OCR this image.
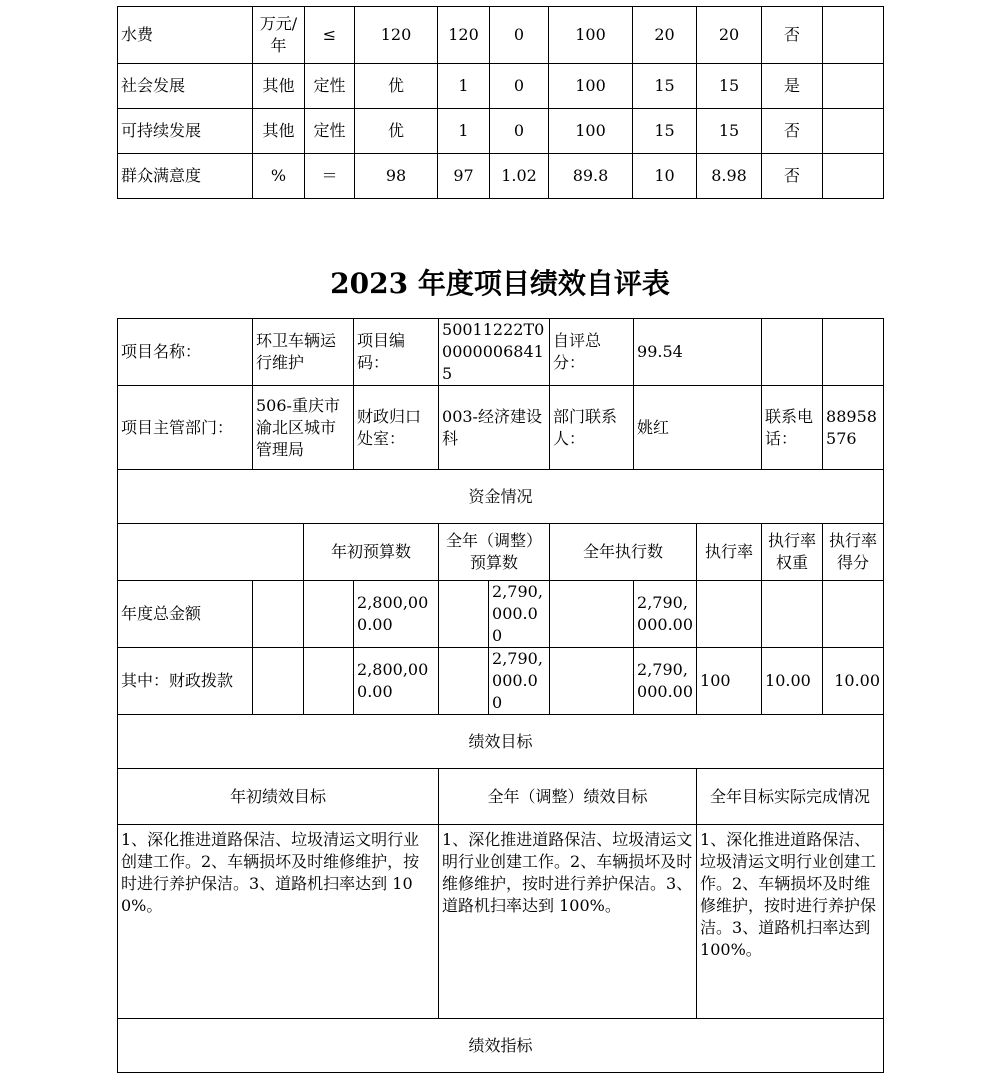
水费	万元/年	≤	120	120	0	100	20	20	否	
社会发展	其他	定性	优	1	0	100	15	15	是	
可持续发展	其他	定性	优	1	0	100	15	15	否	
群众满意度	%	＝	98	97	1.02	89.8	10	8.98	否	
2023 年度项目绩效自评表
项目名称：	环卫车辆运行维护		项目编码：	50011222T000000068415		自评总分：	99.54			
项目主管部门：	506-重庆市渝北区城市管理局		财政归口处室：	003-经济建设科		部门联系人：	姚红		联系电话：	88958576
资金情况										
		年初预算数		全年（调整）预算数		全年执行数		执行率	执行率权重	执行率得分
年度总金额			2,800,000.00		2,790,000.00		2,790,000.00			
其中：财政拨款			2,800,000.00		2,790,000.00		2,790,000.00	100	10.00	10.00
绩效目标										
年初绩效目标				全年（调整）绩效目标				全年目标实际完成情况		
1、深化推进道路保洁、垃圾清运文明行业创建工作。2、车辆损坏及时维修维护，按时进行养护保洁。3、道路机扫率达到 100%。				1、深化推进道路保洁、垃圾清运文明行业创建工作。2、车辆损坏及时维修维护，按时进行养护保洁。3、道路机扫率达到 100%。				1、深化推进道路保洁、垃圾清运文明行业创建工作。2、车辆损坏及时维修维护，按时进行养护保洁。3、道路机扫率达到 100%。		
绩效指标										
